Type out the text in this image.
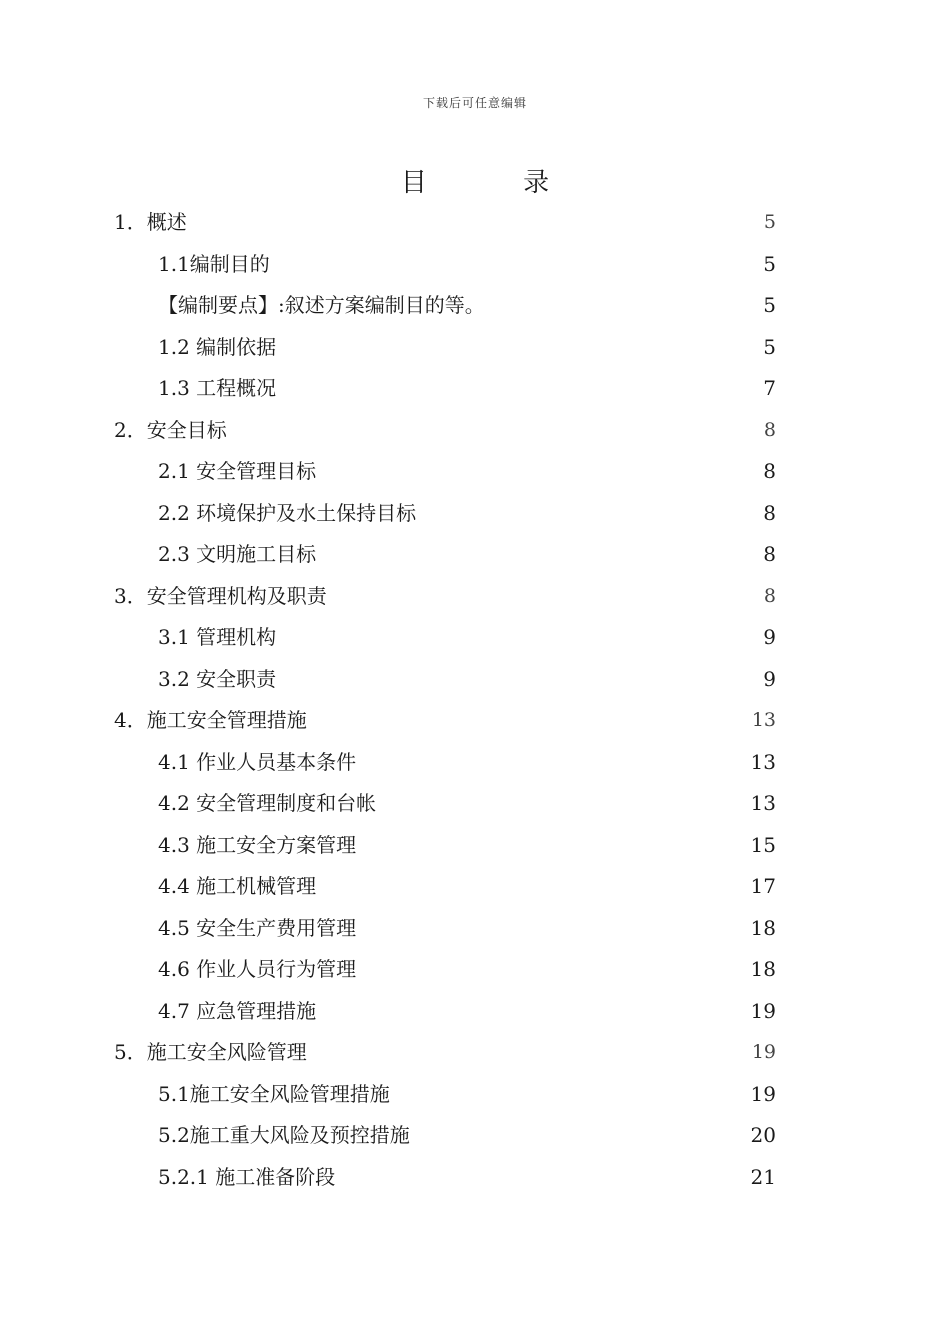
下载后可任意编辑
目 录
1．概述	5
1.1编制目的	5
【编制要点】:叙述方案编制目的等。	5
1.2 编制依据	5
1.3 工程概况	7
2．安全目标	8
2.1 安全管理目标	8
2.2 环境保护及水土保持目标	8
2.3 文明施工目标	8
3．安全管理机构及职责	8
3.1 管理机构	9
3.2 安全职责	9
4．施工安全管理措施	13
4.1 作业人员基本条件	13
4.2 安全管理制度和台帐	13
4.3 施工安全方案管理	15
4.4 施工机械管理	17
4.5 安全生产费用管理	18
4.6 作业人员行为管理	18
4.7 应急管理措施	19
5．施工安全风险管理	19
5.1施工安全风险管理措施	19
5.2施工重大风险及预控措施	20
5.2.1 施工准备阶段	21
